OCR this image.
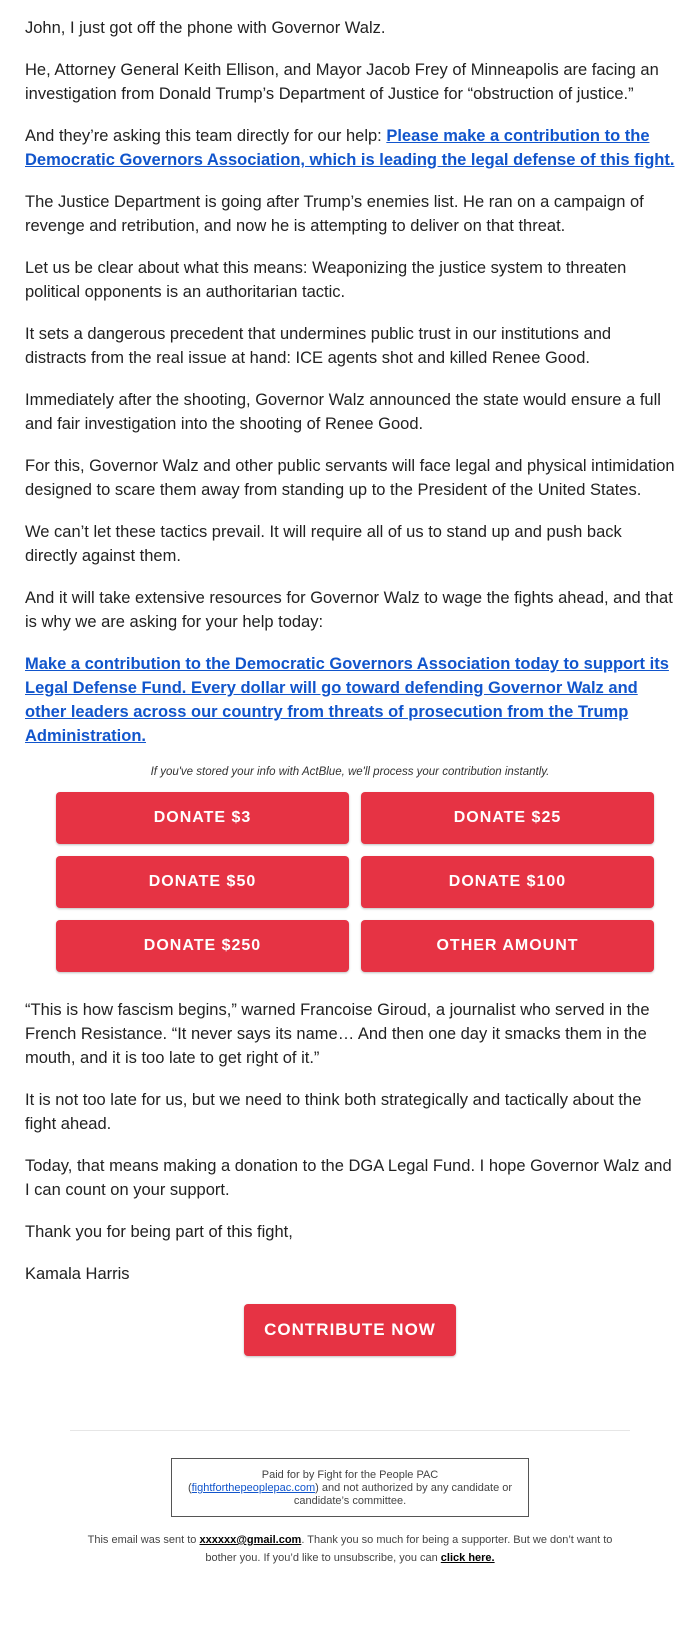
John, I just got off the phone with Governor Walz.

He, Attorney General Keith Ellison, and Mayor Jacob Frey of Minneapolis are facing an investigation from Donald Trump’s Department of Justice for “obstruction of justice.”

And they’re asking this team directly for our help: Please make a contribution to the Democratic Governors Association, which is leading the legal defense of this fight.

The Justice Department is going after Trump’s enemies list. He ran on a campaign of revenge and retribution, and now he is attempting to deliver on that threat.

Let us be clear about what this means: Weaponizing the justice system to threaten political opponents is an authoritarian tactic.

It sets a dangerous precedent that undermines public trust in our institutions and distracts from the real issue at hand: ICE agents shot and killed Renee Good.

Immediately after the shooting, Governor Walz announced the state would ensure a full and fair investigation into the shooting of Renee Good.

For this, Governor Walz and other public servants will face legal and physical intimidation designed to scare them away from standing up to the President of the United States.

We can’t let these tactics prevail. It will require all of us to stand up and push back directly against them.

And it will take extensive resources for Governor Walz to wage the fights ahead, and that is why we are asking for your help today:

Make a contribution to the Democratic Governors Association today to support its Legal Defense Fund. Every dollar will go toward defending Governor Walz and other leaders across our country from threats of prosecution from the Trump Administration.
If you've stored your info with ActBlue, we'll process your contribution instantly.
DONATE $3	DONATE $25
DONATE $50	DONATE $100
DONATE $250	OTHER AMOUNT

“This is how fascism begins,” warned Francoise Giroud, a journalist who served in the French Resistance. “It never says its name… And then one day it smacks them in the mouth, and it is too late to get right of it.”

It is not too late for us, but we need to think both strategically and tactically about the fight ahead.

Today, that means making a donation to the DGA Legal Fund. I hope Governor Walz and I can count on your support.

Thank you for being part of this fight,

Kamala Harris

CONTRIBUTE NOW
Paid for by Fight for the People PAC
(fightforthepeoplepac.com) and not authorized by any candidate or candidate’s committee.
This email was sent to xxxxxx@gmail.com. Thank you so much for being a supporter. But we don’t want to bother you. If you’d like to unsubscribe, you can click here.
